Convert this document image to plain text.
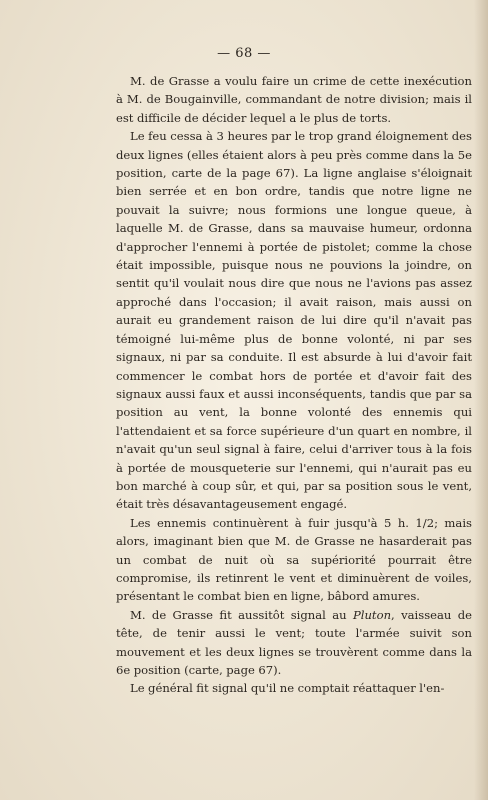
— 68 —

M. de Grasse a voulu faire un crime de cette inexécution à M. de Bougainville, commandant de notre division; mais il est difficile de décider lequel a le plus de torts.

Le feu cessa à 3 heures par le trop grand éloignement des deux lignes (elles étaient alors à peu près comme dans la 5e position, carte de la page 67). La ligne anglaise s'éloignait bien serrée et en bon ordre, tandis que notre ligne ne pouvait la suivre; nous formions une longue queue, à laquelle M. de Grasse, dans sa mauvaise humeur, ordonna d'approcher l'ennemi à portée de pistolet; comme la chose était impossible, puisque nous ne pouvions la joindre, on sentit qu'il voulait nous dire que nous ne l'avions pas assez approché dans l'occasion; il avait raison, mais aussi on aurait eu grandement raison de lui dire qu'il n'avait pas témoigné lui-même plus de bonne volonté, ni par ses signaux, ni par sa conduite. Il est absurde à lui d'avoir fait commencer le combat hors de portée et d'avoir fait des signaux aussi faux et aussi inconséquents, tandis que par sa position au vent, la bonne volonté des ennemis qui l'attendaient et sa force supérieure d'un quart en nombre, il n'avait qu'un seul signal à faire, celui d'arriver tous à la fois à portée de mousqueterie sur l'ennemi, qui n'aurait pas eu bon marché à coup sûr, et qui, par sa position sous le vent, était très désavantageusement engagé.

Les ennemis continuèrent à fuir jusqu'à 5 h. 1/2; mais alors, imaginant bien que M. de Grasse ne hasarderait pas un combat de nuit où sa supériorité pourrait être compromise, ils retinrent le vent et diminuèrent de voiles, présentant le combat bien en ligne, bâbord amures.

M. de Grasse fit aussitôt signal au Pluton, vaisseau de tête, de tenir aussi le vent; toute l'armée suivit son mouvement et les deux lignes se trouvèrent comme dans la 6e position (carte, page 67).

Le général fit signal qu'il ne comptait réattaquer l'en-
